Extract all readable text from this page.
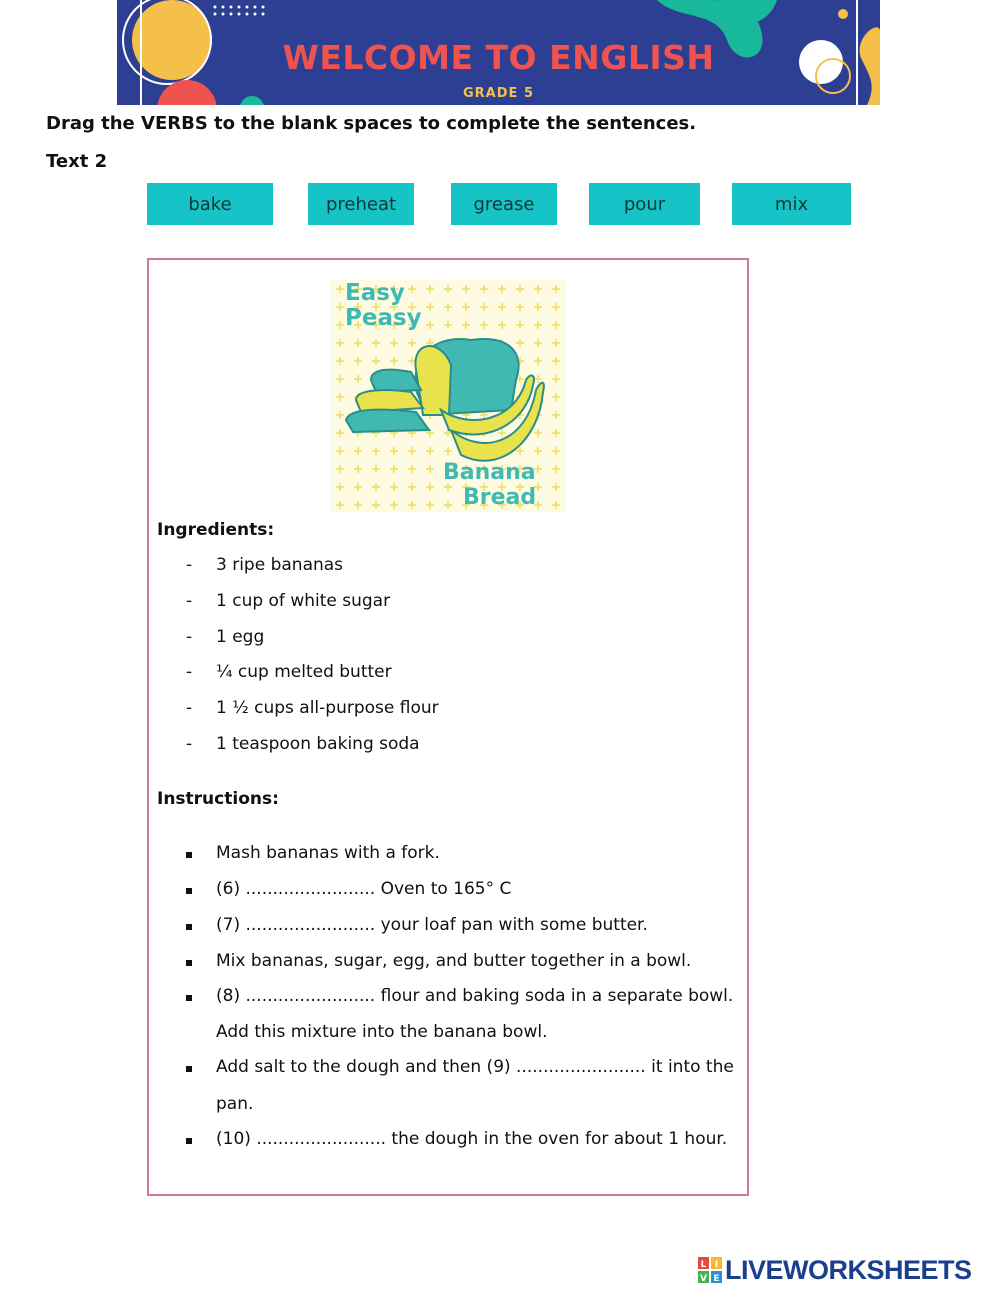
WELCOME TO ENGLISH
GRADE 5
Drag the VERBS to the blank spaces to complete the sentences.
Text 2
bake	preheat	grease	pour	mix
Easy
Peasy
Banana
Bread
Ingredients:
-	3 ripe bananas
-	1 cup of white sugar
-	1 egg
-	¼ cup melted butter
-	1 ½ cups all-purpose flour
-	1 teaspoon baking soda
Instructions:
Mash bananas with a fork.
(6) ........................ Oven to 165° C
(7) ........................ your loaf pan with some butter.
Mix bananas, sugar, egg, and butter together in a bowl.
(8) ........................ flour and baking soda in a separate bowl.
Add this mixture into the banana bowl.
Add salt to the dough and then (9) ........................ it into the
pan.
(10) ........................ the dough in the oven for about 1 hour.
L I
V E LIVEWORKSHEETS
